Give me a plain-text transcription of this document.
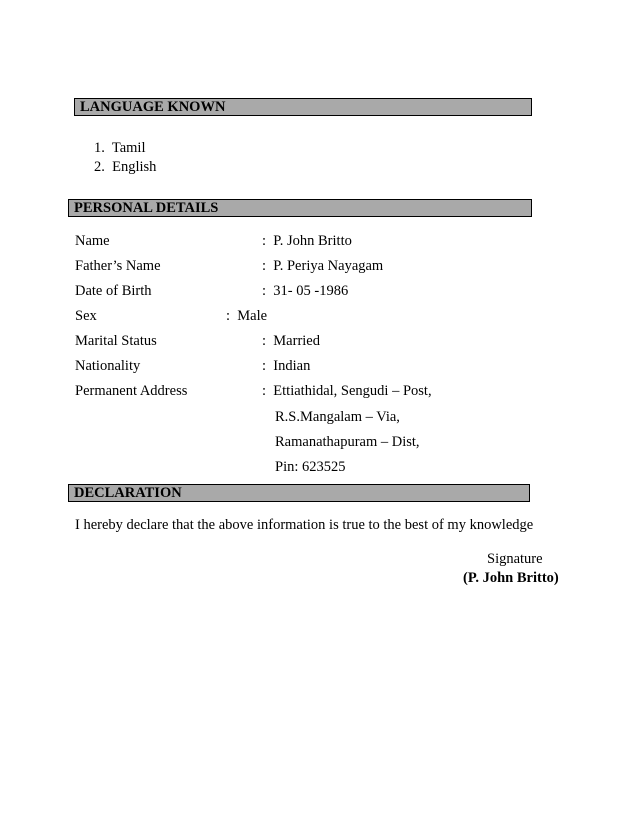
LANGUAGE KNOWN
1. Tamil
2. English
PERSONAL DETAILS
Name	: P. John Britto
Father’s Name	: P. Periya Nayagam
Date of Birth	: 31- 05 -1986
Sex	: Male
Marital Status	: Married
Nationality	: Indian
Permanent Address	: Ettiathidal, Sengudi – Post,
R.S.Mangalam – Via,
Ramanathapuram – Dist,
Pin: 623525
DECLARATION
I hereby declare that the above information is true to the best of my knowledge
Signature
(P. John Britto)
